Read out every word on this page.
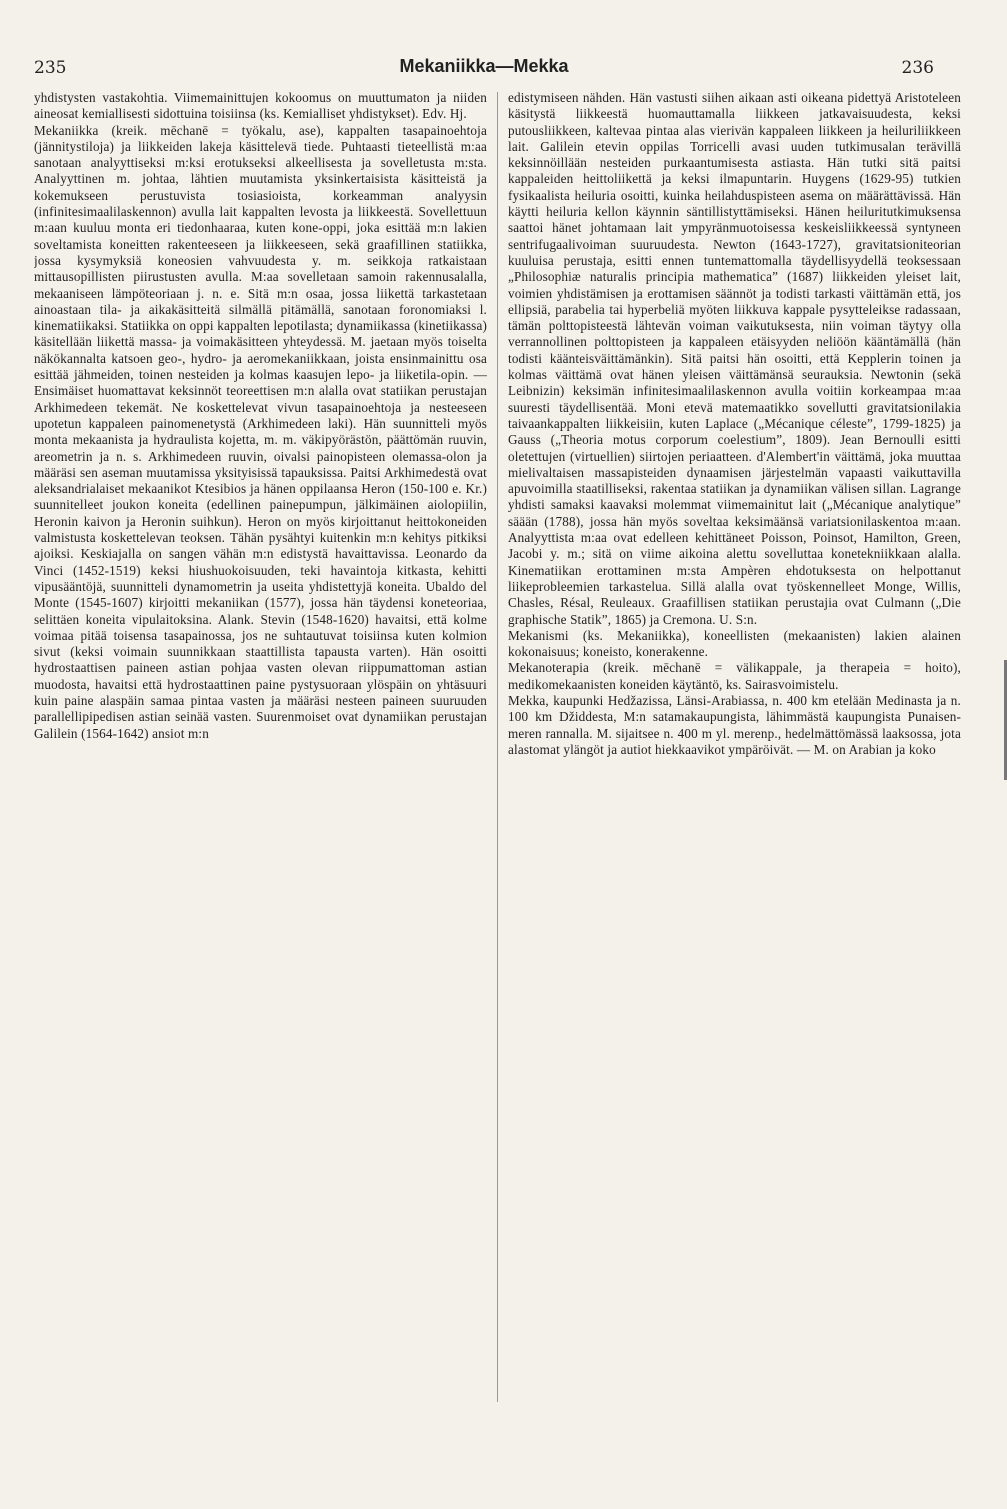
235	Mekaniikka—Mekka	236

yhdistysten vastakohtia. Viimemainittujen kokoomus on muuttumaton ja niiden aineosat kemiallisesti sidottuina toisiinsa (ks. Kemialliset yhdistykset). Edv. Hj.

Mekaniikka (kreik. mēchanē = työkalu, ase), kappalten tasapainoehtoja (jännitystiloja) ja liikkeiden lakeja käsittelevä tiede. Puhtaasti tieteellistä m:aa sanotaan analyyttiseksi m:ksi erotukseksi alkeellisesta ja sovelletusta m:sta. Analyyttinen m. johtaa, lähtien muutamista yksinkertaisista käsitteistä ja kokemukseen perustuvista tosiasioista, korkeamman analyysin (infinitesimaalilaskennon) avulla lait kappalten levosta ja liikkeestä. Sovellettuun m:aan kuuluu monta eri tiedonhaaraa, kuten kone-oppi, joka esittää m:n lakien soveltamista koneitten rakenteeseen ja liikkeeseen, sekä graafillinen statiikka, jossa kysymyksiä koneosien vahvuudesta y. m. seikkoja ratkaistaan mittausopillisten piirustusten avulla. M:aa sovelletaan samoin rakennusalalla, mekaaniseen lämpöteoriaan j. n. e. Sitä m:n osaa, jossa liikettä tarkastetaan ainoastaan tila- ja aikakäsitteitä silmällä pitämällä, sanotaan foronomiaksi l. kinematiikaksi. Statiikka on oppi kappalten lepotilasta; dynamiikassa (kinetiikassa) käsitellään liikettä massa- ja voimakäsitteen yhteydessä. M. jaetaan myös toiselta näkökannalta katsoen geo-, hydro- ja aeromekaniikkaan, joista ensinmainittu osa esittää jähmeiden, toinen nesteiden ja kolmas kaasujen lepo- ja liiketila-opin. — Ensimäiset huomattavat keksinnöt teoreettisen m:n alalla ovat statiikan perustajan Arkhimedeen tekemät. Ne koskettelevat vivun tasapainoehtoja ja nesteeseen upotetun kappaleen painomenetystä (Arkhimedeen laki). Hän suunnitteli myös monta mekaanista ja hydraulista kojetta, m. m. väkipyörästön, päättömän ruuvin, areometrin ja n. s. Arkhimedeen ruuvin, oivalsi painopisteen olemassa-olon ja määräsi sen aseman muutamissa yksityisissä tapauksissa. Paitsi Arkhimedestä ovat aleksandrialaiset mekaanikot Ktesibios ja hänen oppilaansa Heron (150-100 e. Kr.) suunnitelleet joukon koneita (edellinen painepumpun, jälkimäinen aiolopiilin, Heronin kaivon ja Heronin suihkun). Heron on myös kirjoittanut heittokoneiden valmistusta koskettelevan teoksen. Tähän pysähtyi kuitenkin m:n kehitys pitkiksi ajoiksi. Keskiajalla on sangen vähän m:n edistystä havaittavissa. Leonardo da Vinci (1452-1519) keksi hiushuokoisuuden, teki havaintoja kitkasta, kehitti vipusääntöjä, suunnitteli dynamometrin ja useita yhdistettyjä koneita. Ubaldo del Monte (1545-1607) kirjoitti mekaniikan (1577), jossa hän täydensi koneteoriaa, selittäen koneita vipulaitoksina. Alank. Stevin (1548-1620) havaitsi, että kolme voimaa pitää toisensa tasapainossa, jos ne suhtautuvat toisiinsa kuten kolmion sivut (keksi voimain suunnikkaan staattillista tapausta varten). Hän osoitti hydrostaattisen paineen astian pohjaa vasten olevan riippumattoman astian muodosta, havaitsi että hydrostaattinen paine pystysuoraan ylöspäin on yhtäsuuri kuin paine alaspäin samaa pintaa vasten ja määräsi nesteen paineen suuruuden parallellipipedisen astian seinää vasten. Suurenmoiset ovat dynamiikan perustajan Galilein (1564-1642) ansiot m:n

edistymiseen nähden. Hän vastusti siihen aikaan asti oikeana pidettyä Aristoteleen käsitystä liikkeestä huomauttamalla liikkeen jatkavaisuudesta, keksi putousliikkeen, kaltevaa pintaa alas vierivän kappaleen liikkeen ja heiluriliikkeen lait. Galilein etevin oppilas Torricelli avasi uuden tutkimusalan terävillä keksinnöillään nesteiden purkaantumisesta astiasta. Hän tutki sitä paitsi kappaleiden heittoliikettä ja keksi ilmapuntarin. Huygens (1629-95) tutkien fysikaalista heiluria osoitti, kuinka heilahduspisteen asema on määrättävissä. Hän käytti heiluria kellon käynnin säntillistyttämiseksi. Hänen heiluritutkimuksensa saattoi hänet johtamaan lait ympyränmuotoisessa keskeisliikkeessä syntyneen sentrifugaalivoiman suuruudesta. Newton (1643-1727), gravitatsioniteorian kuuluisa perustaja, esitti ennen tuntemattomalla täydellisyydellä teoksessaan „Philosophiæ naturalis principia mathematica” (1687) liikkeiden yleiset lait, voimien yhdistämisen ja erottamisen säännöt ja todisti tarkasti väittämän että, jos ellipsiä, parabelia tai hyperbeliä myöten liikkuva kappale pysytteleikse radassaan, tämän polttopisteestä lähtevän voiman vaikutuksesta, niin voiman täytyy olla verrannollinen polttopisteen ja kappaleen etäisyyden neliöön kääntämällä (hän todisti käänteisväittämänkin). Sitä paitsi hän osoitti, että Kepplerin toinen ja kolmas väittämä ovat hänen yleisen väittämänsä seurauksia. Newtonin (sekä Leibnizin) keksimän infinitesimaalilaskennon avulla voitiin korkeampaa m:aa suuresti täydellisentää. Moni etevä matemaatikko sovellutti gravitatsionilakia taivaankappalten liikkeisiin, kuten Laplace („Mécanique céleste”, 1799-1825) ja Gauss („Theoria motus corporum coelestium”, 1809). Jean Bernoulli esitti oletettujen (virtuellien) siirtojen periaatteen. d'Alembert'in väittämä, joka muuttaa mielivaltaisen massapisteiden dynaamisen järjestelmän vapaasti vaikuttavilla apuvoimilla staatilliseksi, rakentaa statiikan ja dynamiikan välisen sillan. Lagrange yhdisti samaksi kaavaksi molemmat viimemainitut lait („Mécanique analytique” säään (1788), jossa hän myös soveltaa keksimäänsä variatsionilaskentoa m:aan. Analyyttista m:aa ovat edelleen kehittäneet Poisson, Poinsot, Hamilton, Green, Jacobi y. m.; sitä on viime aikoina alettu sovelluttaa konetekniikkaan alalla. Kinematiikan erottaminen m:sta Ampèren ehdotuksesta on helpottanut liikeprobleemien tarkastelua. Sillä alalla ovat työskennelleet Monge, Willis, Chasles, Résal, Reuleaux. Graafillisen statiikan perustajia ovat Culmann („Die graphische Statik”, 1865) ja Cremona. U. S:n.

Mekanismi (ks. Mekaniikka), koneellisten (mekaanisten) lakien alainen kokonaisuus; koneisto, konerakenne.

Mekanoterapia (kreik. mēchanē = välikappale, ja therapeia = hoito), medikomekaanisten koneiden käytäntö, ks. Sairasvoimistelu.

Mekka, kaupunki Hedžazissa, Länsi-Arabiassa, n. 400 km etelään Medinasta ja n. 100 km Džiddesta, M:n satamakaupungista, lähimmästä kaupungista Punaisen-meren rannalla. M. sijaitsee n. 400 m yl. merenp., hedelmättömässä laaksossa, jota alastomat ylängöt ja autiot hiekkaavikot ympäröivät. — M. on Arabian ja koko
